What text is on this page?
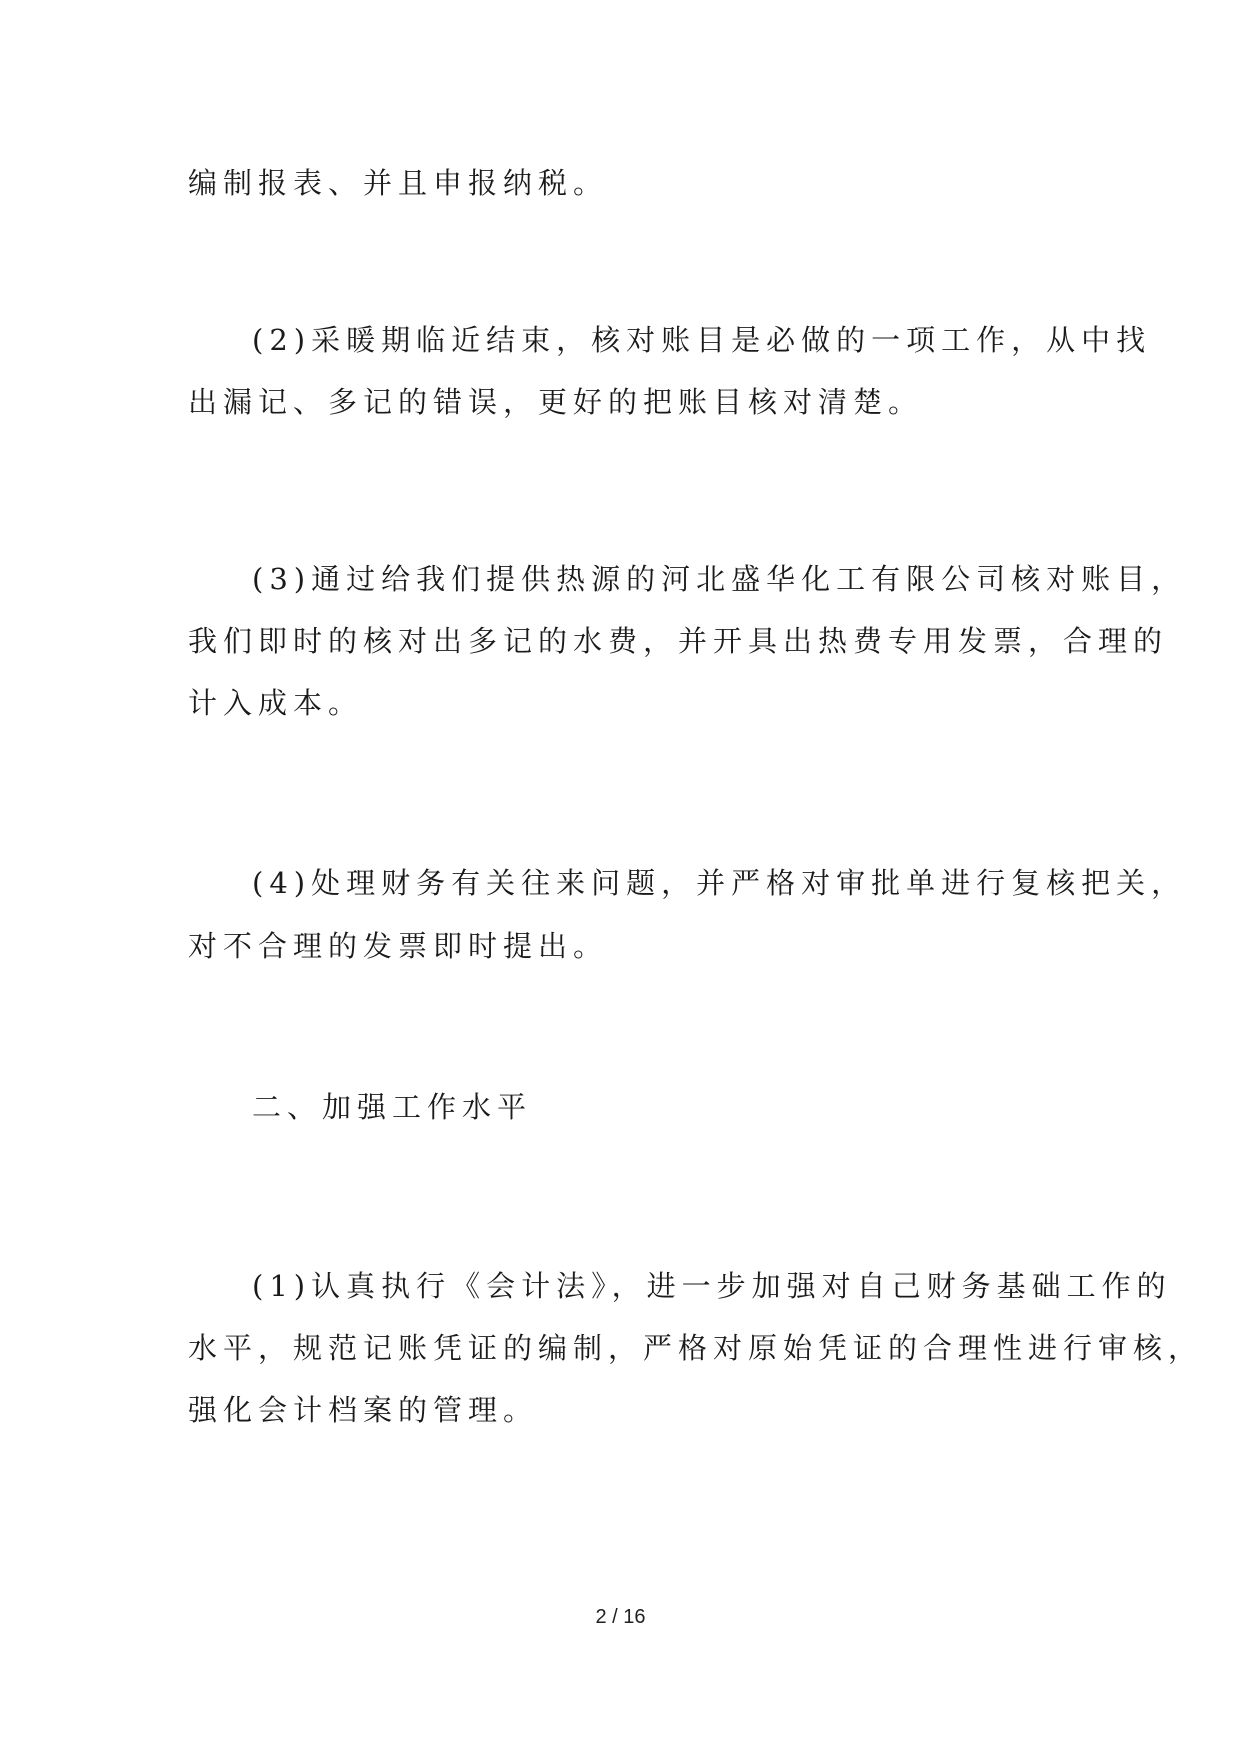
编制报表、并且申报纳税。
(2)采暖期临近结束，核对账目是必做的一项工作，从中找
出漏记、多记的错误，更好的把账目核对清楚。
(3)通过给我们提供热源的河北盛华化工有限公司核对账目，
我们即时的核对出多记的水费，并开具出热费专用发票，合理的
计入成本。
(4)处理财务有关往来问题，并严格对审批单进行复核把关，
对不合理的发票即时提出。
二、加强工作水平
(1)认真执行《会计法》，进一步加强对自己财务基础工作的
水平，规范记账凭证的编制，严格对原始凭证的合理性进行审核，
强化会计档案的管理。
2 / 16
